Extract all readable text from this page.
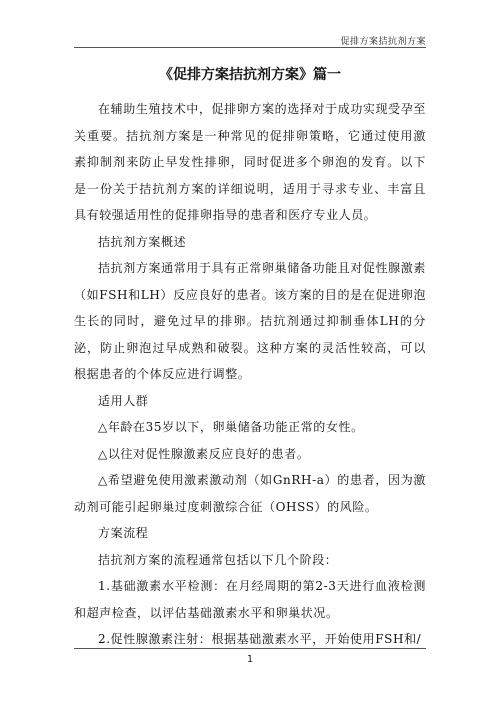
促排方案拮抗剂方案
《促排方案拮抗剂方案》篇一

在辅助生殖技术中，促排卵方案的选择对于成功实现受孕至关重要。拮抗剂方案是一种常见的促排卵策略，它通过使用激素抑制剂来防止早发性排卵，同时促进多个卵泡的发育。以下是一份关于拮抗剂方案的详细说明，适用于寻求专业、丰富且具有较强适用性的促排卵指导的患者和医疗专业人员。

拮抗剂方案概述

拮抗剂方案通常用于具有正常卵巢储备功能且对促性腺激素（如FSH和LH）反应良好的患者。该方案的目的是在促进卵泡生长的同时，避免过早的排卵。拮抗剂通过抑制垂体LH的分泌，防止卵泡过早成熟和破裂。这种方案的灵活性较高，可以根据患者的个体反应进行调整。

适用人群

△年龄在35岁以下，卵巢储备功能正常的女性。

△以往对促性腺激素反应良好的患者。

△希望避免使用激素激动剂（如GnRH-a）的患者，因为激动剂可能引起卵巢过度刺激综合征（OHSS）的风险。

方案流程

拮抗剂方案的流程通常包括以下几个阶段：

1.基础激素水平检测：在月经周期的第2-3天进行血液检测和超声检查，以评估基础激素水平和卵巢状况。

2.促性腺激素注射：根据基础激素水平，开始使用FSH和/

1
